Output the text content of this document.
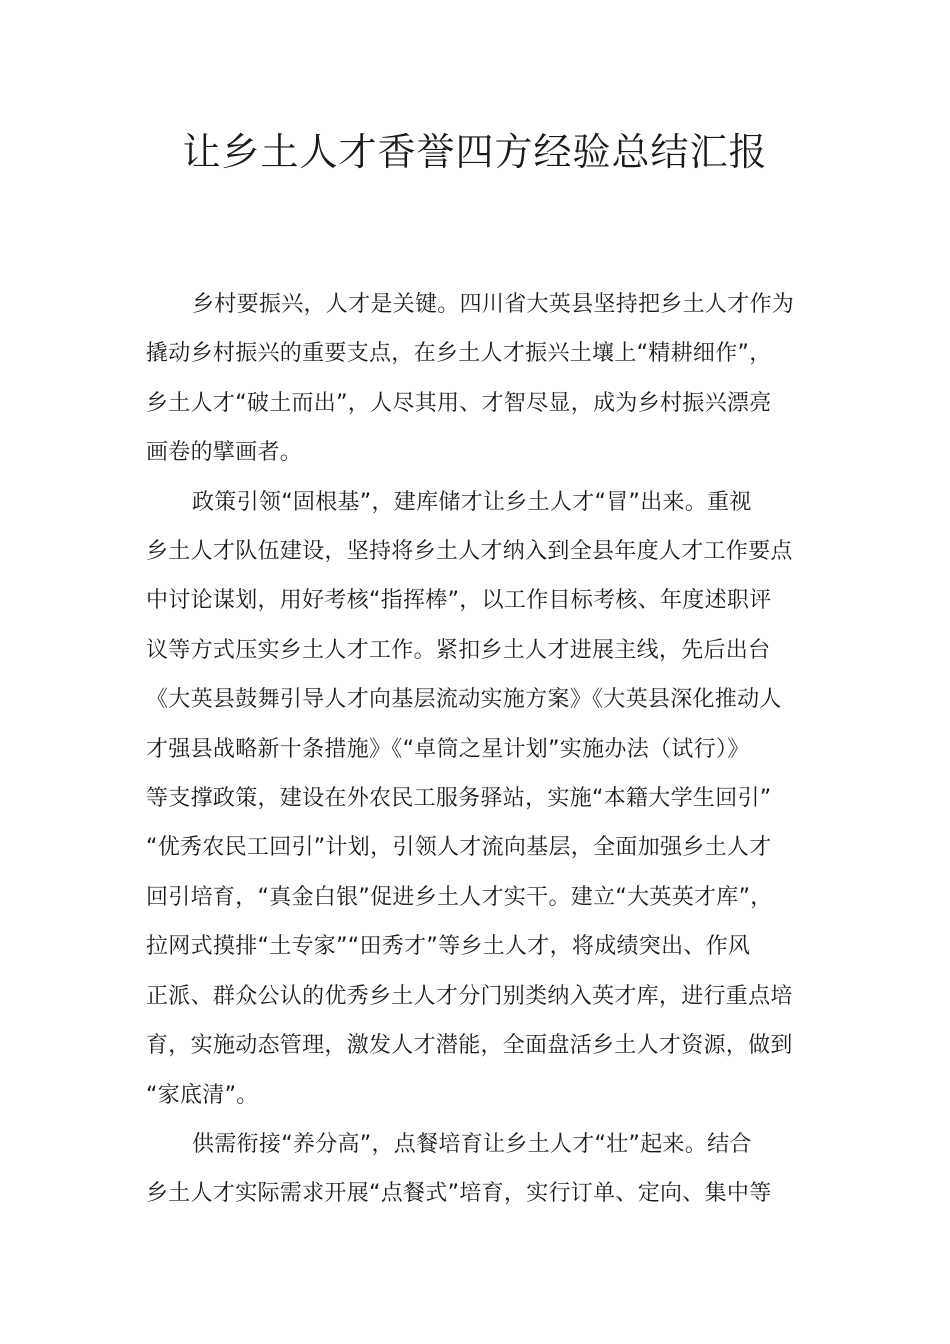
让乡土人才香誉四方经验总结汇报

乡村要振兴，人才是关键。四川省大英县坚持把乡土人才作为
撬动乡村振兴的重要支点，在乡土人才振兴土壤上“精耕细作”，
乡土人才“破土而出”，人尽其用、才智尽显，成为乡村振兴漂亮
画卷的擘画者。

政策引领“固根基”，建库储才让乡土人才“冒”出来。重视
乡土人才队伍建设，坚持将乡土人才纳入到全县年度人才工作要点
中讨论谋划，用好考核“指挥棒”，以工作目标考核、年度述职评
议等方式压实乡土人才工作。紧扣乡土人才进展主线，先后出台
《大英县鼓舞引导人才向基层流动实施方案》《大英县深化推动人
才强县战略新十条措施》《“卓筒之星计划”实施办法（试行）》
等支撑政策，建设在外农民工服务驿站，实施“本籍大学生回引”
“优秀农民工回引”计划，引领人才流向基层，全面加强乡土人才
回引培育，“真金白银”促进乡土人才实干。建立“大英英才库”，
拉网式摸排“土专家”“田秀才”等乡土人才，将成绩突出、作风
正派、群众公认的优秀乡土人才分门别类纳入英才库，进行重点培
育，实施动态管理，激发人才潜能，全面盘活乡土人才资源，做到
“家底清”。

供需衔接“养分高”，点餐培育让乡土人才“壮”起来。结合
乡土人才实际需求开展“点餐式”培育，实行订单、定向、集中等
